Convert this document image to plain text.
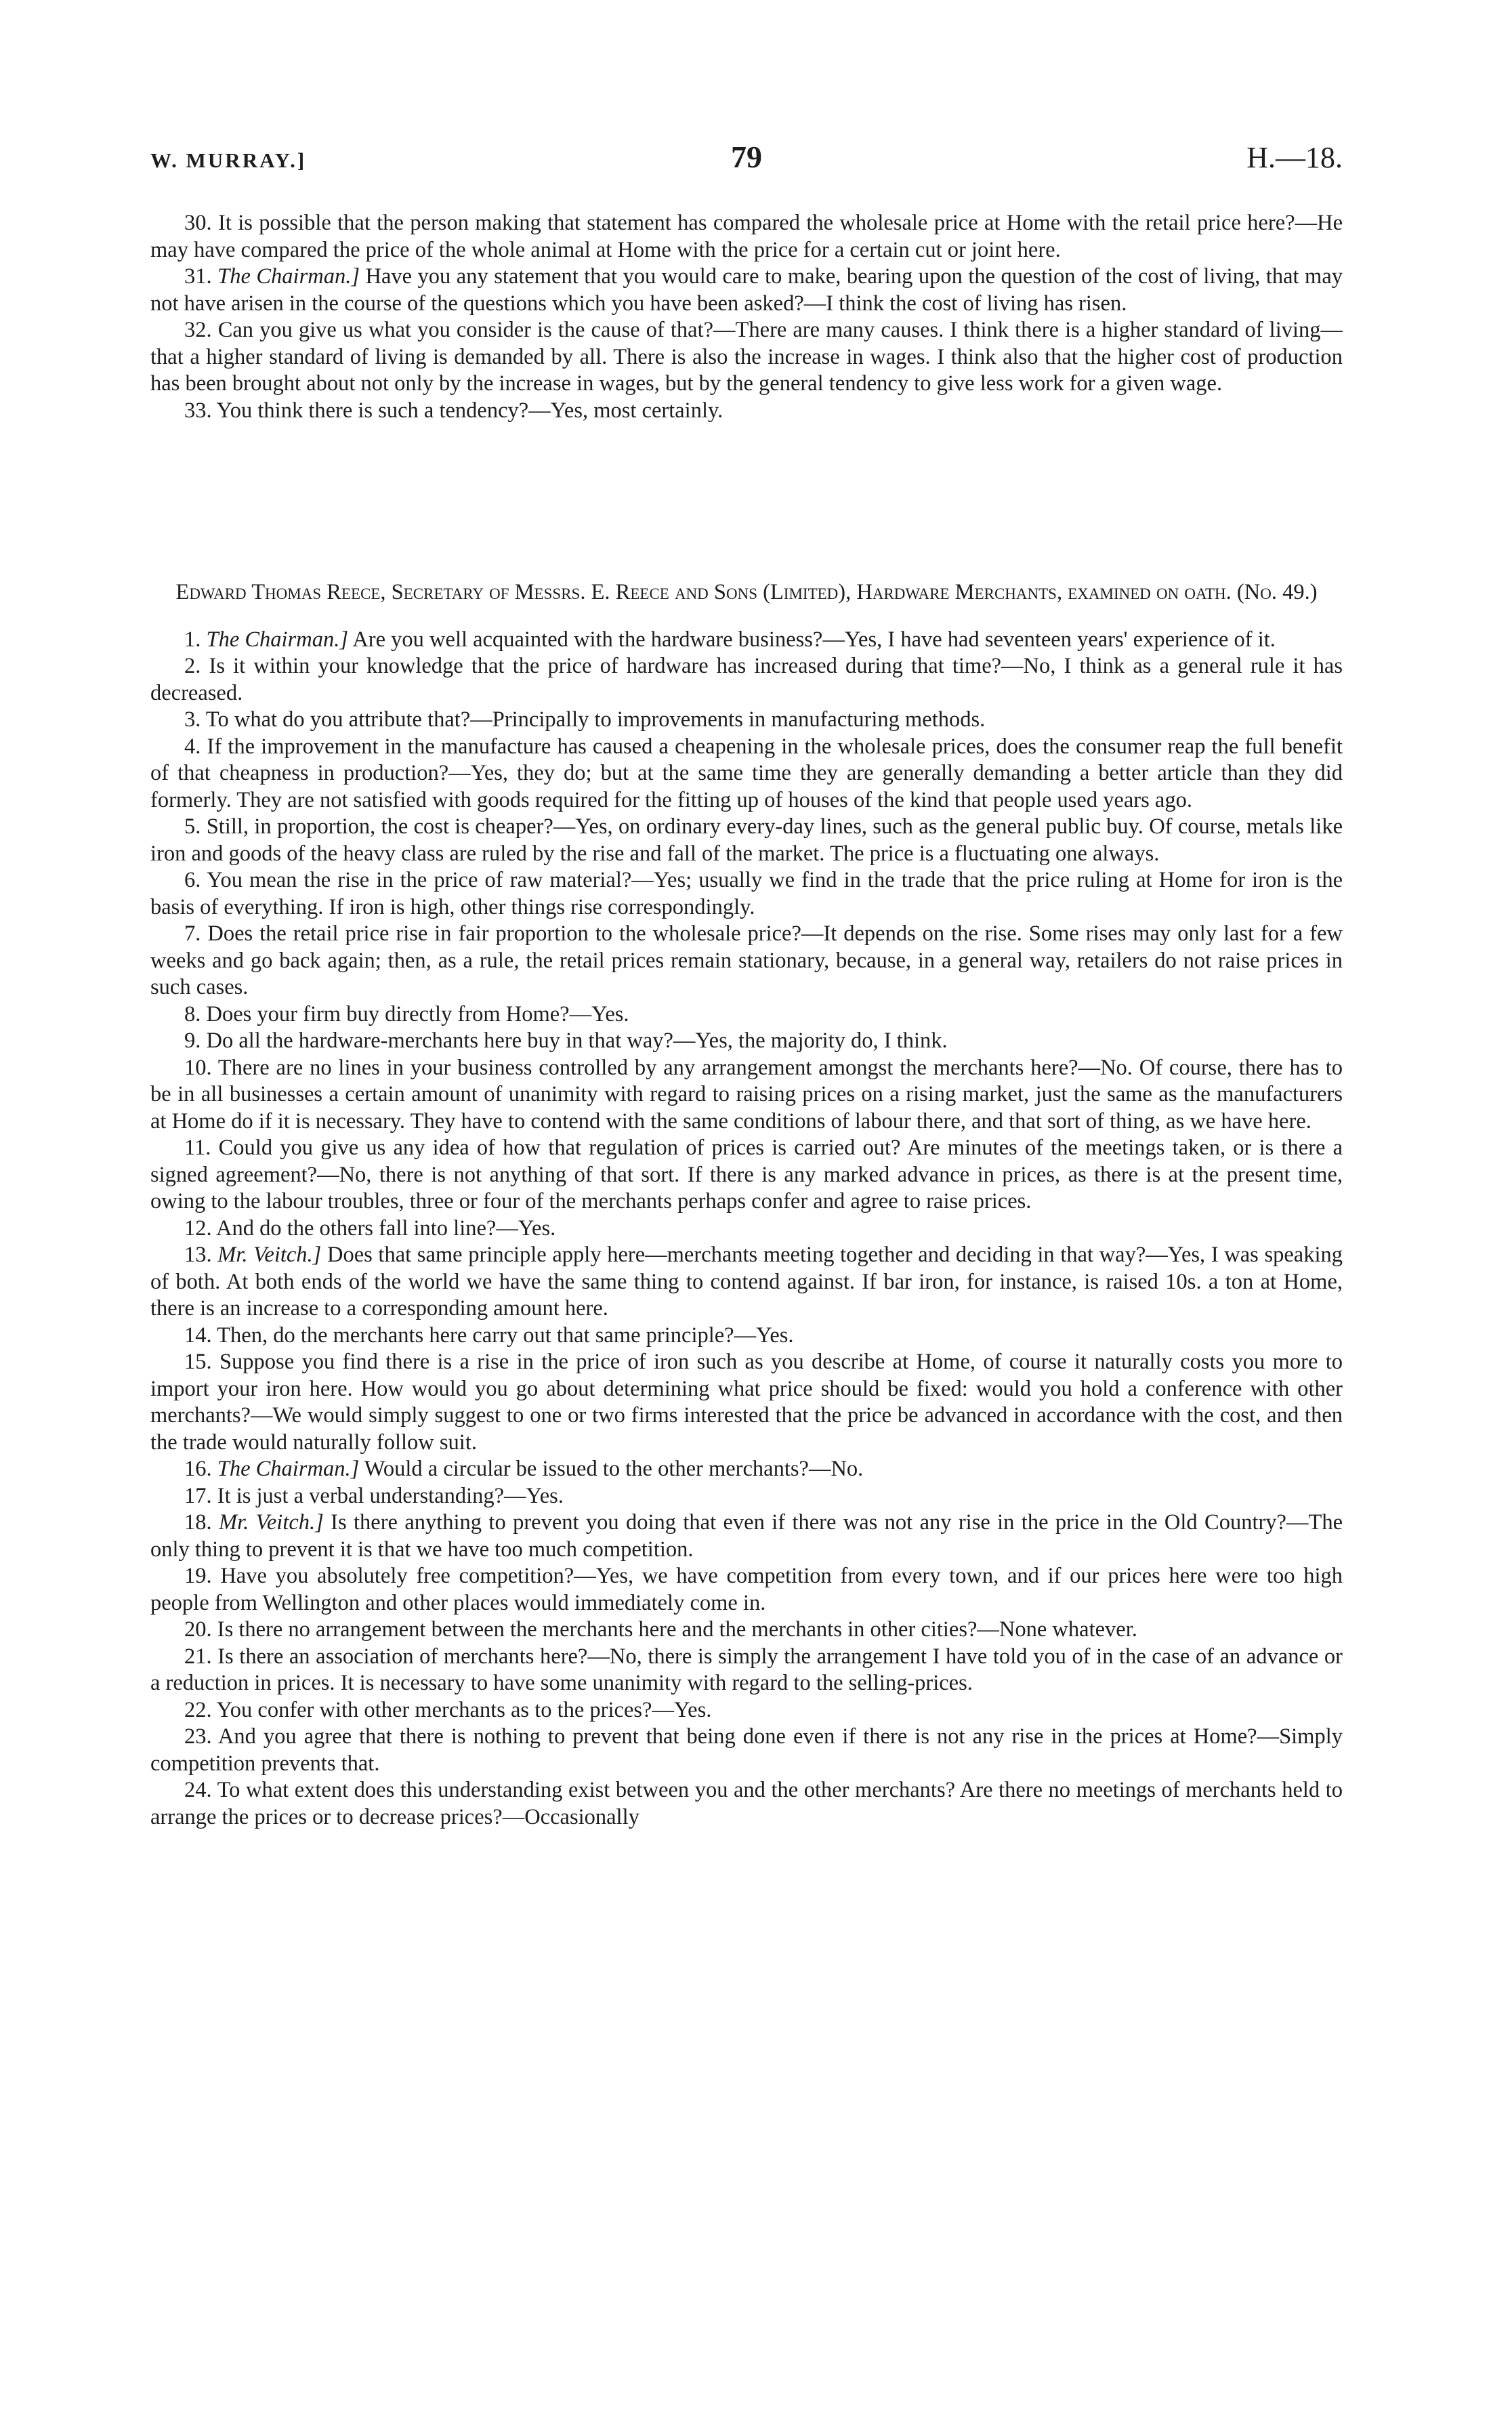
W. MURRAY.]	79	H.—18.

30. It is possible that the person making that statement has compared the wholesale price at Home with the retail price here?—He may have compared the price of the whole animal at Home with the price for a certain cut or joint here.

31. The Chairman.] Have you any statement that you would care to make, bearing upon the question of the cost of living, that may not have arisen in the course of the questions which you have been asked?—I think the cost of living has risen.

32. Can you give us what you consider is the cause of that?—There are many causes. I think there is a higher standard of living—that a higher standard of living is demanded by all. There is also the increase in wages. I think also that the higher cost of production has been brought about not only by the increase in wages, but by the general tendency to give less work for a given wage.

33. You think there is such a tendency?—Yes, most certainly.

Edward Thomas Reece, Secretary of Messrs. E. Reece and Sons (Limited), Hardware Merchants, examined on oath. (No. 49.)

1. The Chairman.] Are you well acquainted with the hardware business?—Yes, I have had seventeen years' experience of it.

2. Is it within your knowledge that the price of hardware has increased during that time?—No, I think as a general rule it has decreased.

3. To what do you attribute that?—Principally to improvements in manufacturing methods.

4. If the improvement in the manufacture has caused a cheapening in the wholesale prices, does the consumer reap the full benefit of that cheapness in production?—Yes, they do; but at the same time they are generally demanding a better article than they did formerly. They are not satisfied with goods required for the fitting up of houses of the kind that people used years ago.

5. Still, in proportion, the cost is cheaper?—Yes, on ordinary every-day lines, such as the general public buy. Of course, metals like iron and goods of the heavy class are ruled by the rise and fall of the market. The price is a fluctuating one always.

6. You mean the rise in the price of raw material?—Yes; usually we find in the trade that the price ruling at Home for iron is the basis of everything. If iron is high, other things rise correspondingly.

7. Does the retail price rise in fair proportion to the wholesale price?—It depends on the rise. Some rises may only last for a few weeks and go back again; then, as a rule, the retail prices remain stationary, because, in a general way, retailers do not raise prices in such cases.

8. Does your firm buy directly from Home?—Yes.

9. Do all the hardware-merchants here buy in that way?—Yes, the majority do, I think.

10. There are no lines in your business controlled by any arrangement amongst the merchants here?—No. Of course, there has to be in all businesses a certain amount of unanimity with regard to raising prices on a rising market, just the same as the manufacturers at Home do if it is necessary. They have to contend with the same conditions of labour there, and that sort of thing, as we have here.

11. Could you give us any idea of how that regulation of prices is carried out? Are minutes of the meetings taken, or is there a signed agreement?—No, there is not anything of that sort. If there is any marked advance in prices, as there is at the present time, owing to the labour troubles, three or four of the merchants perhaps confer and agree to raise prices.

12. And do the others fall into line?—Yes.

13. Mr. Veitch.] Does that same principle apply here—merchants meeting together and deciding in that way?—Yes, I was speaking of both. At both ends of the world we have the same thing to contend against. If bar iron, for instance, is raised 10s. a ton at Home, there is an increase to a corresponding amount here.

14. Then, do the merchants here carry out that same principle?—Yes.

15. Suppose you find there is a rise in the price of iron such as you describe at Home, of course it naturally costs you more to import your iron here. How would you go about determining what price should be fixed: would you hold a conference with other merchants?—We would simply suggest to one or two firms interested that the price be advanced in accordance with the cost, and then the trade would naturally follow suit.

16. The Chairman.] Would a circular be issued to the other merchants?—No.

17. It is just a verbal understanding?—Yes.

18. Mr. Veitch.] Is there anything to prevent you doing that even if there was not any rise in the price in the Old Country?—The only thing to prevent it is that we have too much competition.

19. Have you absolutely free competition?—Yes, we have competition from every town, and if our prices here were too high people from Wellington and other places would immediately come in.

20. Is there no arrangement between the merchants here and the merchants in other cities?—None whatever.

21. Is there an association of merchants here?—No, there is simply the arrangement I have told you of in the case of an advance or a reduction in prices. It is necessary to have some unanimity with regard to the selling-prices.

22. You confer with other merchants as to the prices?—Yes.

23. And you agree that there is nothing to prevent that being done even if there is not any rise in the prices at Home?—Simply competition prevents that.

24. To what extent does this understanding exist between you and the other merchants? Are there no meetings of merchants held to arrange the prices or to decrease prices?—Occasionally
